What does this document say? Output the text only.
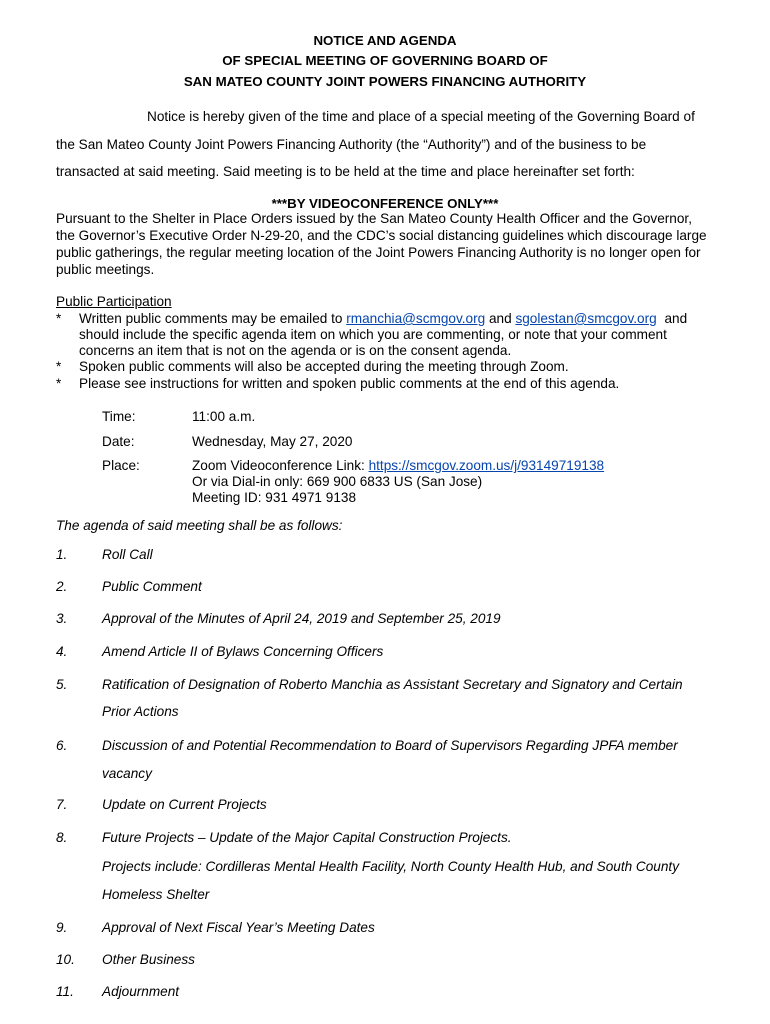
NOTICE AND AGENDA
OF SPECIAL MEETING OF GOVERNING BOARD OF
SAN MATEO COUNTY JOINT POWERS FINANCING AUTHORITY
Notice is hereby given of the time and place of a special meeting of the Governing Board of
the San Mateo County Joint Powers Financing Authority (the “Authority”) and of the business to be
transacted at said meeting. Said meeting is to be held at the time and place hereinafter set forth:
***BY VIDEOCONFERENCE ONLY***
Pursuant to the Shelter in Place Orders issued by the San Mateo County Health Officer and the Governor,
the Governor’s Executive Order N-29-20, and the CDC’s social distancing guidelines which discourage large
public gatherings, the regular meeting location of the Joint Powers Financing Authority is no longer open for
public meetings.
Public Participation
* Written public comments may be emailed to rmanchia@scmgov.org and sgolestan@smcgov.org and
should include the specific agenda item on which you are commenting, or note that your comment
concerns an item that is not on the agenda or is on the consent agenda.
* Spoken public comments will also be accepted during the meeting through Zoom.
* Please see instructions for written and spoken public comments at the end of this agenda.
Time:	11:00 a.m.
Date:	Wednesday, May 27, 2020
Place:	Zoom Videoconference Link: https://smcgov.zoom.us/j/93149719138
Or via Dial-in only: 669 900 6833 US (San Jose)
Meeting ID: 931 4971 9138
The agenda of said meeting shall be as follows:
1.	Roll Call
2.	Public Comment
3.	Approval of the Minutes of April 24, 2019 and September 25, 2019
4.	Amend Article II of Bylaws Concerning Officers
5.	Ratification of Designation of Roberto Manchia as Assistant Secretary and Signatory and Certain
Prior Actions
6.	Discussion of and Potential Recommendation to Board of Supervisors Regarding JPFA member
vacancy
7.	Update on Current Projects
8.	Future Projects – Update of the Major Capital Construction Projects.
Projects include: Cordilleras Mental Health Facility, North County Health Hub, and South County
Homeless Shelter
9.	Approval of Next Fiscal Year’s Meeting Dates
10. Other Business
11. Adjournment
